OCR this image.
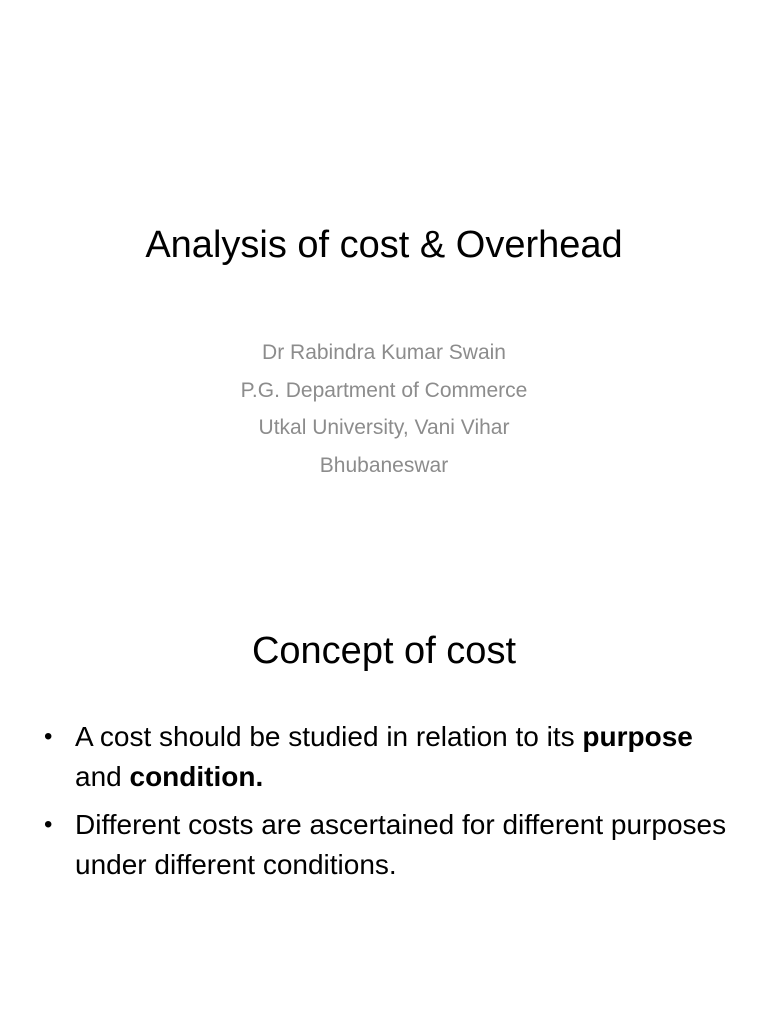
Analysis of cost & Overhead
Dr Rabindra Kumar Swain
P.G. Department of Commerce
Utkal University, Vani Vihar
Bhubaneswar
Concept of cost
• A cost should be studied in relation to its purpose and condition.
• Different costs are ascertained for different purposes under different conditions.
